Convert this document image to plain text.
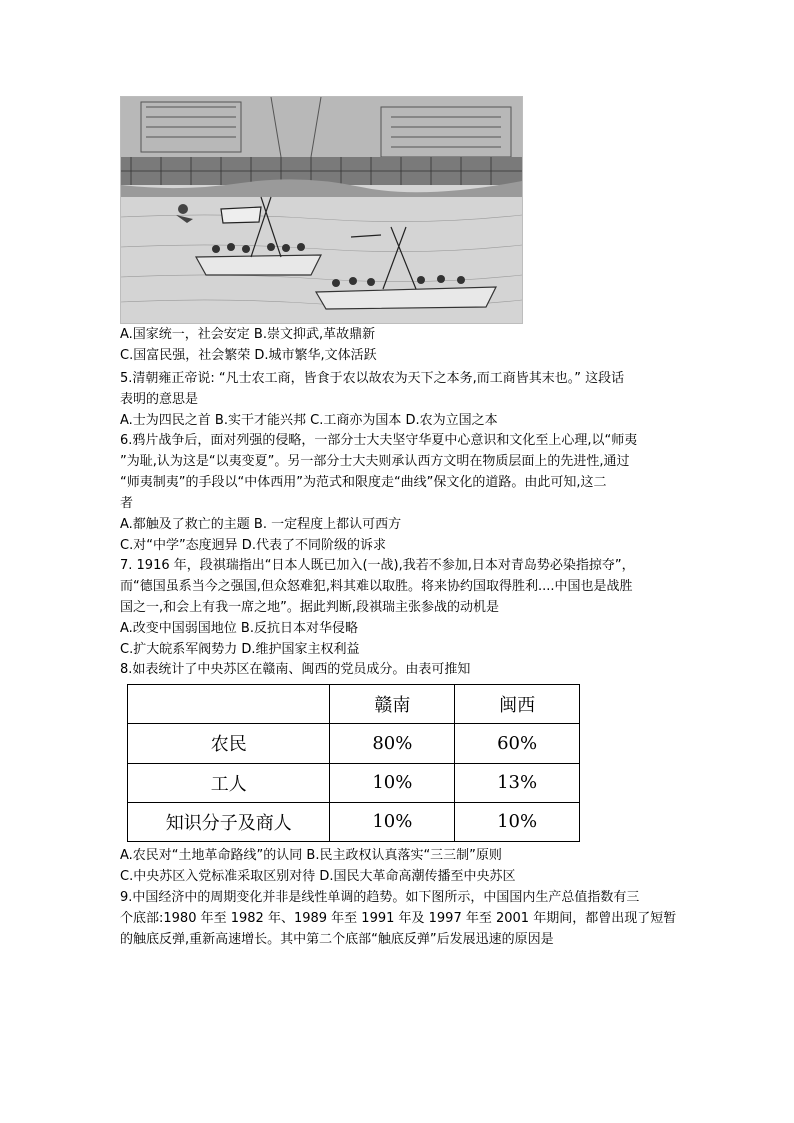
A.国家统一，社会安定 B.崇文抑武,革故鼎新
C.国富民强，社会繁荣 D.城市繁华,文体活跃
5.清朝雍正帝说: “凡士农工商，皆食于农以故农为天下之本务,而工商皆其末也。” 这段话
表明的意思是
A.士为四民之首 B.实干才能兴邦 C.工商亦为国本 D.农为立国之本
6.鸦片战争后，面对列强的侵略，一部分士大夫坚守华夏中心意识和文化至上心理,以“师夷
”为耻,认为这是“以夷变夏”。另一部分士大夫则承认西方文明在物质层面上的先进性,通过
“师夷制夷”的手段以“中体西用”为范式和限度走“曲线”保文化的道路。由此可知,这二
者
A.都触及了救亡的主题 B. 一定程度上都认可西方
C.对“中学”态度迥异 D.代表了不同阶级的诉求
7. 1916 年，段祺瑞指出“日本人既已加入(一战),我若不参加,日本对青岛势必染指掠夺”，
而“德国虽系当今之强国,但众怒难犯,料其难以取胜。将来协约国取得胜利....中国也是战胜
国之一,和会上有我一席之地”。据此判断,段祺瑞主张参战的动机是
A.改变中国弱国地位 B.反抗日本对华侵略
C.扩大皖系军阀势力 D.维护国家主权利益
8.如表统计了中央苏区在赣南、闽西的党员成分。由表可推知
	赣南	闽西
农民	80%	60%
工人	10%	13%
知识分子及商人	10%	10%
A.农民对“土地革命路线”的认同 B.民主政权认真落实“三三制”原则
C.中央苏区入党标准采取区别对待 D.国民大革命高潮传播至中央苏区
9.中国经济中的周期变化并非是线性单调的趋势。如下图所示，中国国内生产总值指数有三
个底部:1980 年至 1982 年、1989 年至 1991 年及 1997 年至 2001 年期间，都曾出现了短暂
的触底反弹,重新高速增长。其中第二个底部“触底反弹”后发展迅速的原因是
